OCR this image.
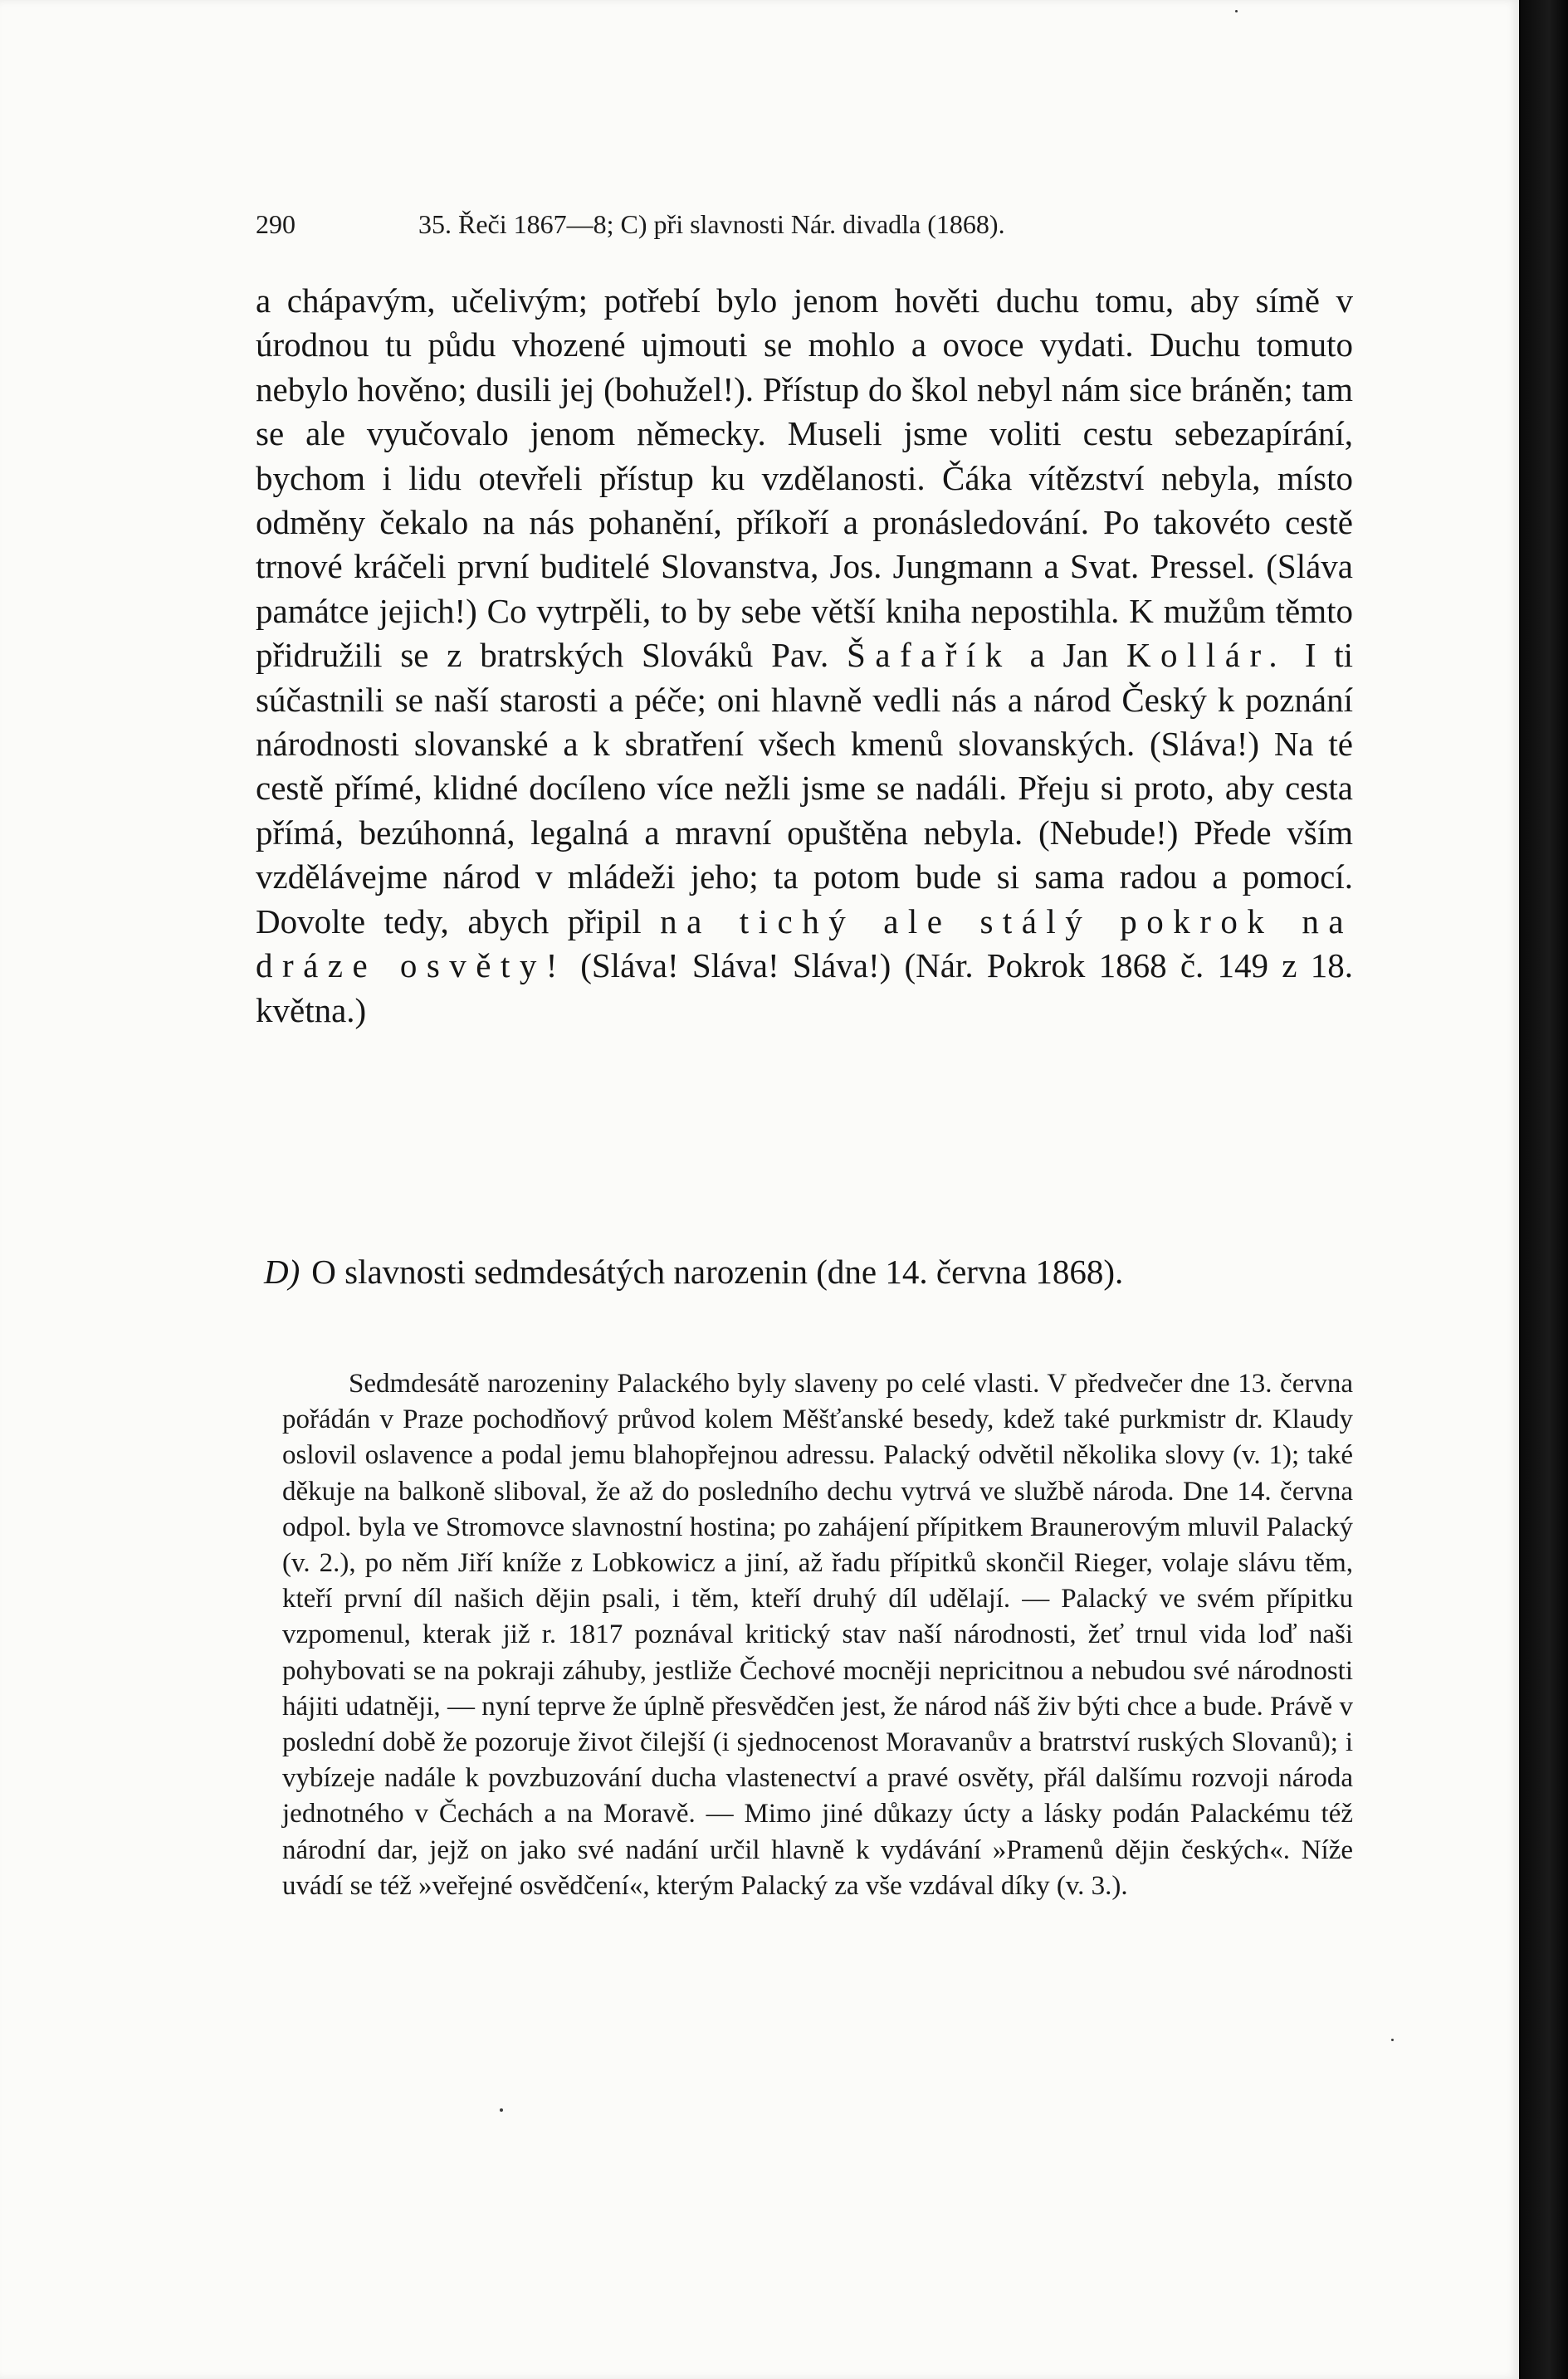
290	35. Řeči 1867—8; C) při slavnosti Nár. divadla (1868).

a chápavým, učelivým; potřebí bylo jenom hověti duchu tomu, aby símě v úrodnou tu půdu vhozené ujmouti se mohlo a ovoce vydati. Duchu tomuto nebylo hověno; dusili jej (bohužel!). Přístup do škol nebyl nám sice bráněn; tam se ale vyučovalo jenom německy. Museli jsme voliti cestu sebezapírání, bychom i lidu otevřeli přístup ku vzdělanosti. Čáka vítězství nebyla, místo odměny čekalo na nás pohanění, příkoří a pronásledování. Po takovéto cestě trnové kráčeli první buditelé Slovanstva, Jos. Jungmann a Svat. Pressel. (Sláva památce jejich!) Co vytrpěli, to by sebe větší kniha nepostihla. K mužům těmto přidružili se z bratrských Slováků Pav. Šafařík a Jan Kollár. I ti súčastnili se naší starosti a péče; oni hlavně vedli nás a národ Český k poznání národnosti slovanské a k sbratření všech kmenů slovanských. (Sláva!) Na té cestě přímé, klidné docíleno více nežli jsme se nadáli. Přeju si proto, aby cesta přímá, bezúhonná, legalná a mravní opuštěna nebyla. (Nebude!) Přede vším vzdělávejme národ v mládeži jeho; ta potom bude si sama radou a pomocí. Dovolte tedy, abych připil na tichý ale stálý pokrok na dráze osvěty! (Sláva! Sláva! Sláva!) (Nár. Pokrok 1868 č. 149 z 18. května.)

D) O slavnosti sedmdesátých narozenin (dne 14. června 1868).

Sedmdesátě narozeniny Palackého byly slaveny po celé vlasti. V předvečer dne 13. června pořádán v Praze pochodňový průvod kolem Měšťanské besedy, kdež také purkmistr dr. Klaudy oslovil oslavence a podal jemu blahopřejnou adressu. Palacký odvětil několika slovy (v. 1); také děkuje na balkoně sliboval, že až do posledního dechu vytrvá ve službě národa. Dne 14. června odpol. byla ve Stromovce slavnostní hostina; po zahájení přípitkem Braunerovým mluvil Palacký (v. 2.), po něm Jiří kníže z Lobkowicz a jiní, až řadu přípitků skončil Rieger, volaje slávu těm, kteří první díl našich dějin psali, i těm, kteří druhý díl udělají. — Palacký ve svém přípitku vzpomenul, kterak již r. 1817 poznával kritický stav naší národnosti, žeť trnul vida loď naši pohybovati se na pokraji záhuby, jestliže Čechové mocněji nepricitnou a nebudou své národnosti hájiti udatněji, — nyní teprve že úplně přesvědčen jest, že národ náš živ býti chce a bude. Právě v poslední době že pozoruje život čilejší (i sjednocenost Moravanův a bratrství ruských Slovanů); i vybízeje nadále k povzbuzování ducha vlastenectví a pravé osvěty, přál dalšímu rozvoji národa jednotného v Čechách a na Moravě. — Mimo jiné důkazy úcty a lásky podán Palackému též národní dar, jejž on jako své nadání určil hlavně k vydávání »Pramenů dějin českých«. Níže uvádí se též »veřejné osvědčení«, kterým Palacký za vše vzdával díky (v. 3.).
